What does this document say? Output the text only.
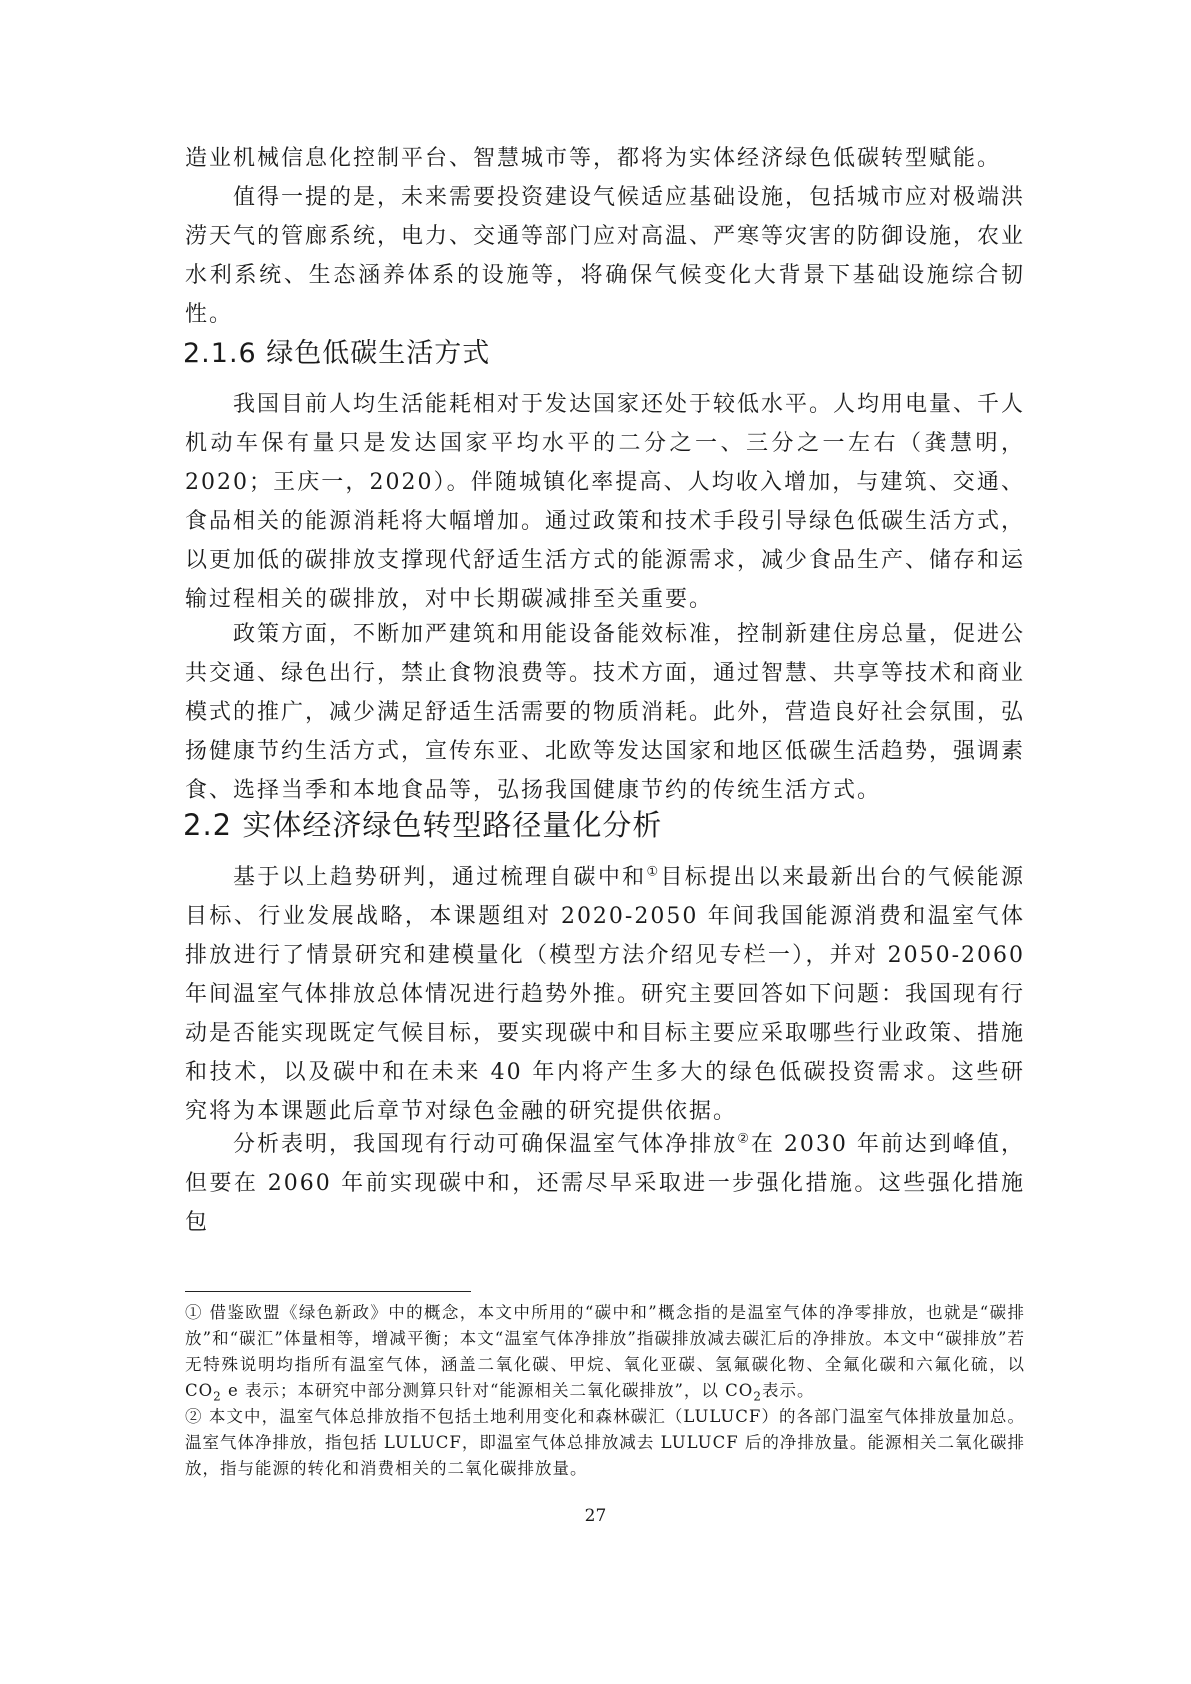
造业机械信息化控制平台、智慧城市等，都将为实体经济绿色低碳转型赋能。

值得一提的是，未来需要投资建设气候适应基础设施，包括城市应对极端洪涝天气的管廊系统，电力、交通等部门应对高温、严寒等灾害的防御设施，农业水利系统、生态涵养体系的设施等，将确保气候变化大背景下基础设施综合韧性。

2.1.6 绿色低碳生活方式

我国目前人均生活能耗相对于发达国家还处于较低水平。人均用电量、千人机动车保有量只是发达国家平均水平的二分之一、三分之一左右（龚慧明，2020；王庆一，2020）。伴随城镇化率提高、人均收入增加，与建筑、交通、食品相关的能源消耗将大幅增加。通过政策和技术手段引导绿色低碳生活方式，以更加低的碳排放支撑现代舒适生活方式的能源需求，减少食品生产、储存和运输过程相关的碳排放，对中长期碳减排至关重要。

政策方面，不断加严建筑和用能设备能效标准，控制新建住房总量，促进公共交通、绿色出行，禁止食物浪费等。技术方面，通过智慧、共享等技术和商业模式的推广，减少满足舒适生活需要的物质消耗。此外，营造良好社会氛围，弘扬健康节约生活方式，宣传东亚、北欧等发达国家和地区低碳生活趋势，强调素食、选择当季和本地食品等，弘扬我国健康节约的传统生活方式。

2.2 实体经济绿色转型路径量化分析

基于以上趋势研判，通过梳理自碳中和①目标提出以来最新出台的气候能源目标、行业发展战略，本课题组对 2020-2050 年间我国能源消费和温室气体排放进行了情景研究和建模量化（模型方法介绍见专栏一），并对 2050-2060 年间温室气体排放总体情况进行趋势外推。研究主要回答如下问题：我国现有行动是否能实现既定气候目标，要实现碳中和目标主要应采取哪些行业政策、措施和技术，以及碳中和在未来 40 年内将产生多大的绿色低碳投资需求。这些研究将为本课题此后章节对绿色金融的研究提供依据。

分析表明，我国现有行动可确保温室气体净排放②在 2030 年前达到峰值，但要在 2060 年前实现碳中和，还需尽早采取进一步强化措施。这些强化措施包

① 借鉴欧盟《绿色新政》中的概念，本文中所用的“碳中和”概念指的是温室气体的净零排放，也就是“碳排放”和“碳汇”体量相等，增减平衡；本文“温室气体净排放”指碳排放减去碳汇后的净排放。本文中“碳排放”若无特殊说明均指所有温室气体，涵盖二氧化碳、甲烷、氧化亚碳、氢氟碳化物、全氟化碳和六氟化硫，以 $CO_2$ e 表示；本研究中部分测算只针对“能源相关二氧化碳排放”，以 $CO_2$表示。

② 本文中，温室气体总排放指不包括土地利用变化和森林碳汇（LULUCF）的各部门温室气体排放量加总。温室气体净排放，指包括 LULUCF，即温室气体总排放减去 LULUCF 后的净排放量。能源相关二氧化碳排放，指与能源的转化和消费相关的二氧化碳排放量。

27
